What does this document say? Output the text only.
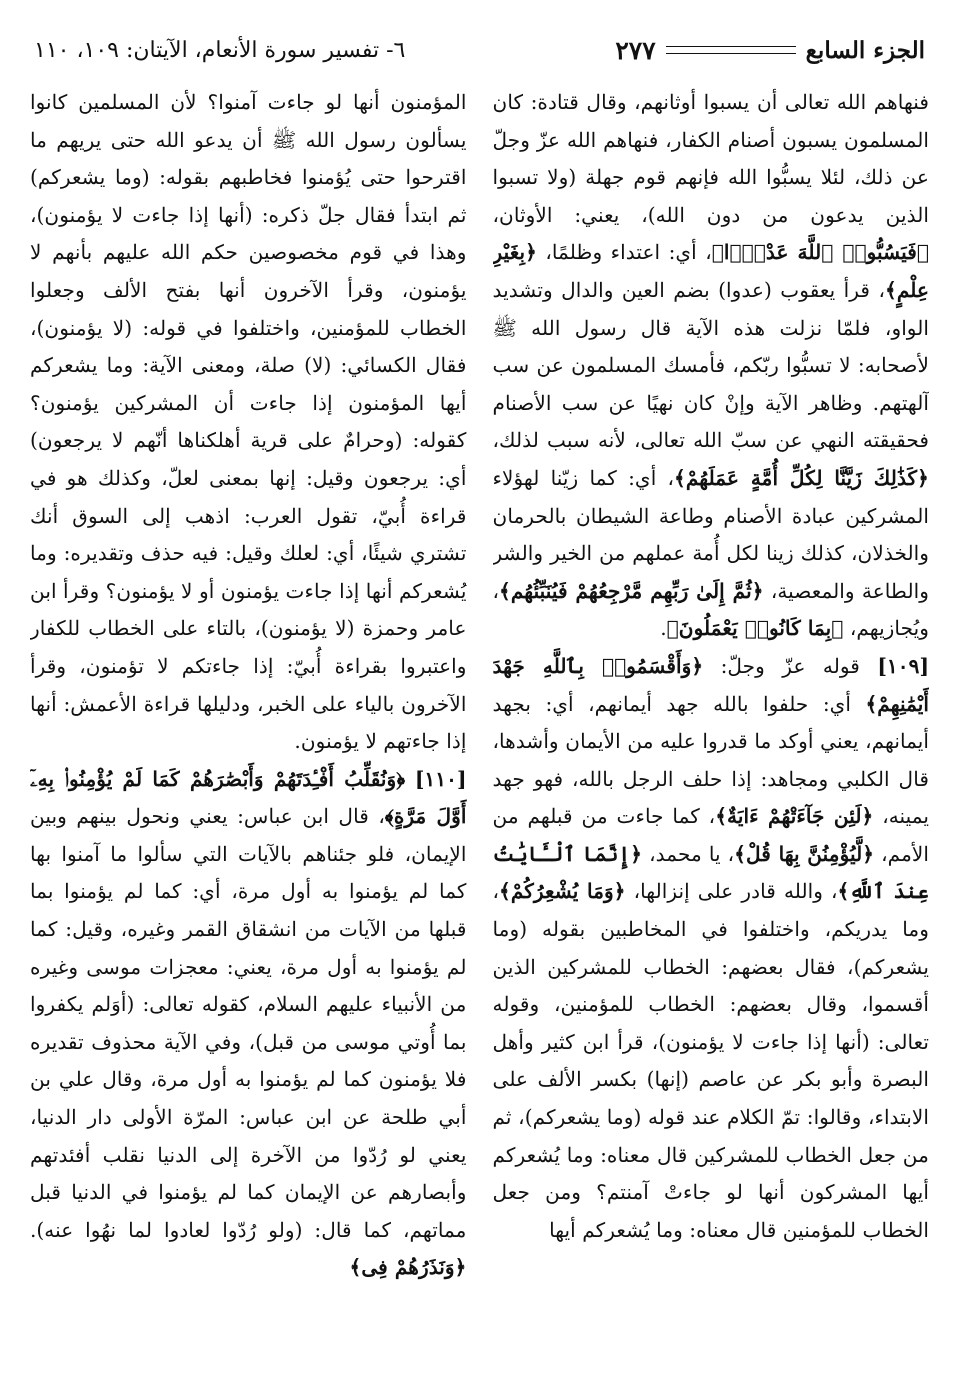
الجزء السابع
٢٧٧
٦- تفسير سورة الأنعام، الآيتان: ١٠٩، ١١٠

فنهاهم الله تعالى أن يسبوا أوثانهم، وقال قتادة: كان المسلمون يسبون أصنام الكفار، فنهاهم الله عزّ وجلّ عن ذلك، لئلا يسبُّوا الله فإنهم قوم جهلة (ولا تسبوا الذين يدعون من دون الله)، يعني: الأوثان، ﴿فَيَسُبُّوا۟ ٱللَّهَ عَدْوًۢا﴾، أي: اعتداء وظلمًا، ﴿بِغَيْرِ عِلْمٍ﴾، قرأ يعقوب (عدوا) بضم العين والدال وتشديد الواو، فلمّا نزلت هذه الآية قال رسول الله ﷺ لأصحابه: لا تسبُّوا ربّكم، فأمسك المسلمون عن سب آلهتهم. وظاهر الآية وإنْ كان نهيًا عن سب الأصنام فحقيقته النهي عن سبّ الله تعالى، لأنه سبب لذلك، ﴿كَذَٰلِكَ زَيَّنَّا لِكُلِّ أُمَّةٍ عَمَلَهُمْ﴾، أي: كما زيّنا لهؤلاء المشركين عبادة الأصنام وطاعة الشيطان بالحرمان والخذلان، كذلك زينا لكل أُمة عملهم من الخير والشر والطاعة والمعصية، ﴿ثُمَّ إِلَىٰ رَبِّهِم مَّرْجِعُهُمْ فَيُنَبِّئُهُم﴾، ويُجازيهم، ﴿بِمَا كَانُوا۟ يَعْمَلُونَ﴾.

[١٠٩] قوله عزّ وجلّ: ﴿وَأَقْسَمُوا۟ بِٱللَّهِ جَهْدَ أَيْمَٰنِهِمْ﴾ أي: حلفوا بالله جهد أيمانهم، أي: بجهد أيمانهم، يعني أوكد ما قدروا عليه من الأيمان وأشدها، قال الكلبي ومجاهد: إذا حلف الرجل بالله، فهو جهد يمينه، ﴿لَئِن جَآءَتْهُمْ ءَايَةٌ﴾، كما جاءت من قبلهم من الأمم، ﴿لَّيُؤْمِنُنَّ بِهَا قُلْ﴾، يا محمد، ﴿إِنَّمَا ٱلْـَٔايَٰتُ عِندَ ٱللَّهِ﴾، والله قادر على إنزالها، ﴿وَمَا يُشْعِرُكُمْ﴾، وما يدريكم، واختلفوا في المخاطبين بقوله (وما يشعركم)، فقال بعضهم: الخطاب للمشركين الذين أقسموا، وقال بعضهم: الخطاب للمؤمنين، وقوله تعالى: (أنها إذا جاءت لا يؤمنون)، قرأ ابن كثير وأهل البصرة وأبو بكر عن عاصم (إنها) بكسر الألف على الابتداء، وقالوا: تمّ الكلام عند قوله (وما يشعركم)، ثم من جعل الخطاب للمشركين قال معناه: وما يُشعركم أيها المشركون أنها لو جاءتْ آمنتم؟ ومن جعل الخطاب للمؤمنين قال معناه: وما يُشعركم أيها

المؤمنون أنها لو جاءت آمنوا؟ لأن المسلمين كانوا يسألون رسول الله ﷺ أن يدعو الله حتى يريهم ما اقترحوا حتى يُؤمنوا فخاطبهم بقوله: (وما يشعركم) ثم ابتدأ فقال جلّ ذكره: (أنها إذا جاءت لا يؤمنون)، وهذا في قوم مخصوصين حكم الله عليهم بأنهم لا يؤمنون، وقرأ الآخرون أنها بفتح الألف وجعلوا الخطاب للمؤمنين، واختلفوا في قوله: (لا يؤمنون)، فقال الكسائي: (لا) صلة، ومعنى الآية: وما يشعركم أيها المؤمنون إذا جاءت أن المشركين يؤمنون؟ كقوله: (وحرامٌ على قرية أهلكناها أنّهم لا يرجعون) أي: يرجعون وقيل: إنها بمعنى لعلّ، وكذلك هو في قراءة أُبيّ، تقول العرب: اذهب إلى السوق أنك تشتري شيئًا، أي: لعلك وقيل: فيه حذف وتقديره: وما يُشعركم أنها إذا جاءت يؤمنون أو لا يؤمنون؟ وقرأ ابن عامر وحمزة (لا يؤمنون)، بالتاء على الخطاب للكفار واعتبروا بقراءة أُبيّ: إذا جاءتكم لا تؤمنون، وقرأ الآخرون بالياء على الخبر، ودليلها قراءة الأعمش: أنها إذا جاءتهم لا يؤمنون.

[١١٠] ﴿وَنُقَلِّبُ أَفْـِٔدَتَهُمْ وَأَبْصَٰرَهُمْ كَمَا لَمْ يُؤْمِنُوا۟ بِهِۦٓ أَوَّلَ مَرَّةٍ﴾، قال ابن عباس: يعني ونحول بينهم وبين الإيمان، فلو جئناهم بالآيات التي سألوا ما آمنوا بها كما لم يؤمنوا به أول مرة، أي: كما لم يؤمنوا بما قبلها من الآيات من انشقاق القمر وغيره، وقيل: كما لم يؤمنوا به أول مرة، يعني: معجزات موسى وغيره من الأنبياء عليهم السلام، كقوله تعالى: (أوَلم يكفروا بما أُوتي موسى من قبل)، وفي الآية محذوف تقديره فلا يؤمنون كما لم يؤمنوا به أول مرة، وقال علي بن أبي طلحة عن ابن عباس: المرّة الأولى دار الدنيا، يعني لو رُدّوا من الآخرة إلى الدنيا نقلب أفئدتهم وأبصارهم عن الإيمان كما لم يؤمنوا في الدنيا قبل مماتهم، كما قال: (ولو رُدّوا لعادوا لما نهُوا عنه). ﴿وَنَذَرُهُمْ فِى﴾
